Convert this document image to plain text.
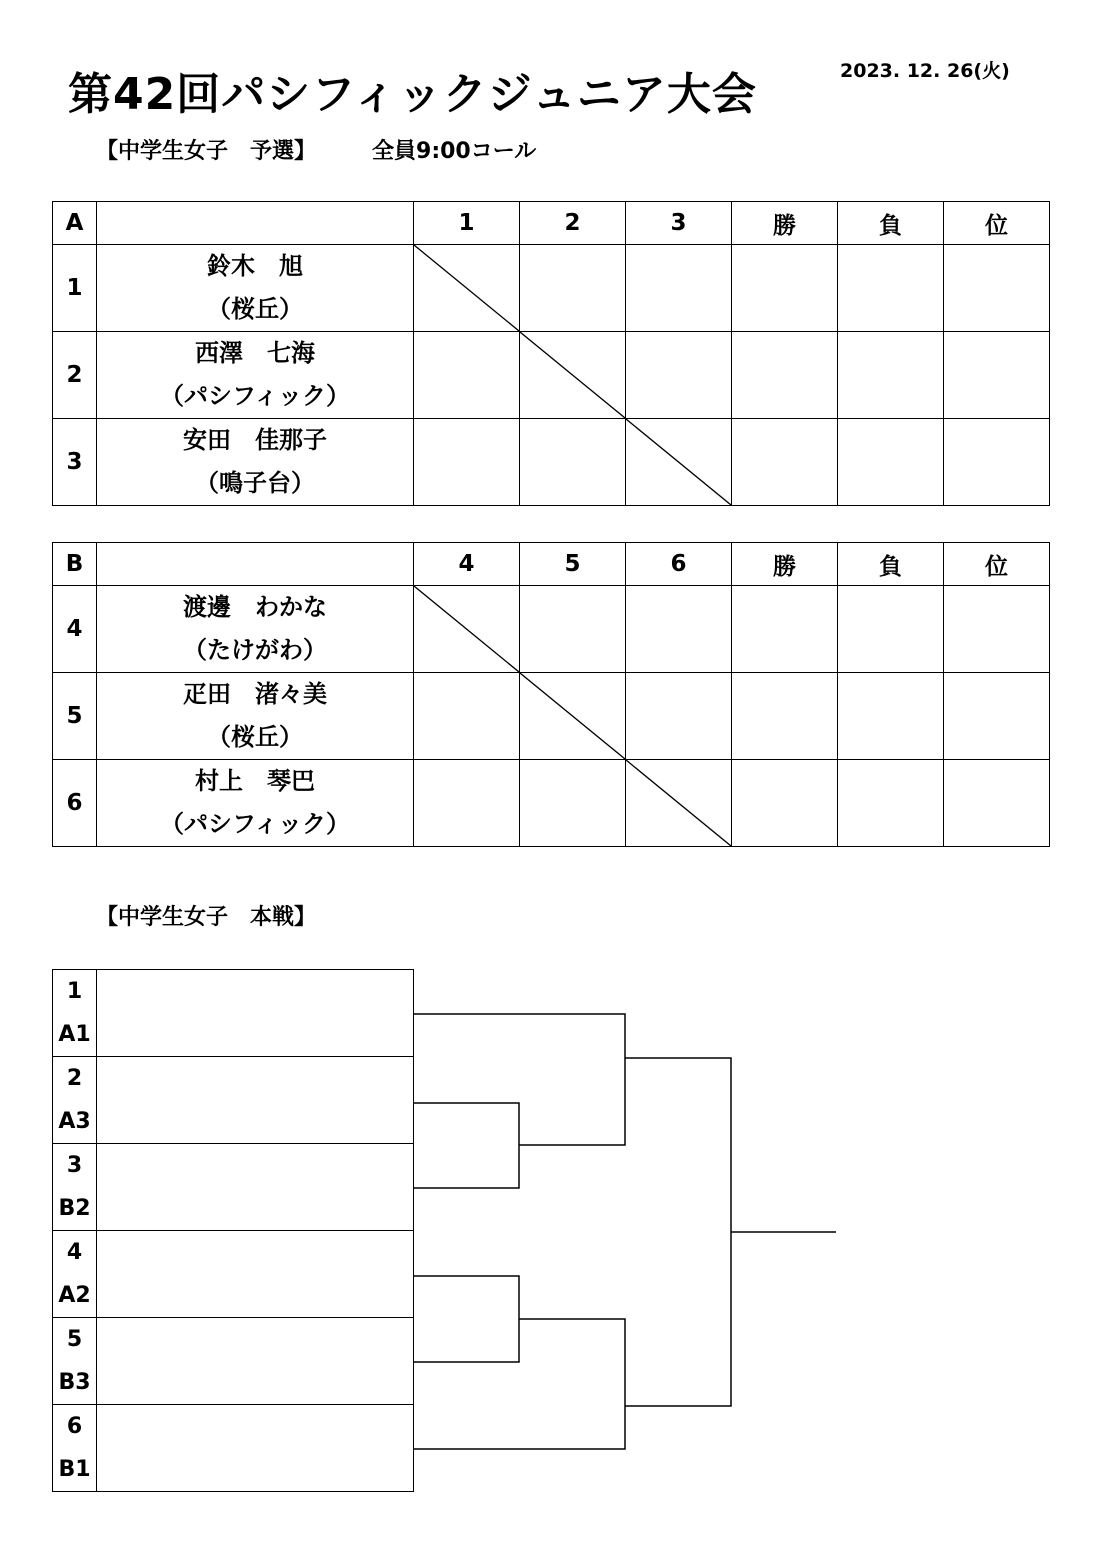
第42回パシフィックジュニア大会	2023. 12. 26(火)
【中学生女子　予選】	全員9:00コール
A		1	2	3	勝	負	位
1	鈴木　旭
（桜丘）

2	西澤　七海
（パシフィック）

3	安田　佳那子
（鳴子台）

B		4	5	6	勝	負	位
4	渡邊　わかな
（たけがわ）

5	疋田　渚々美
（桜丘）

6	村上　琴巴
（パシフィック）

【中学生女子　本戦】
1
A1	

2
A3	

3
B2	

4
A2	

5
B3	

6
B1	
